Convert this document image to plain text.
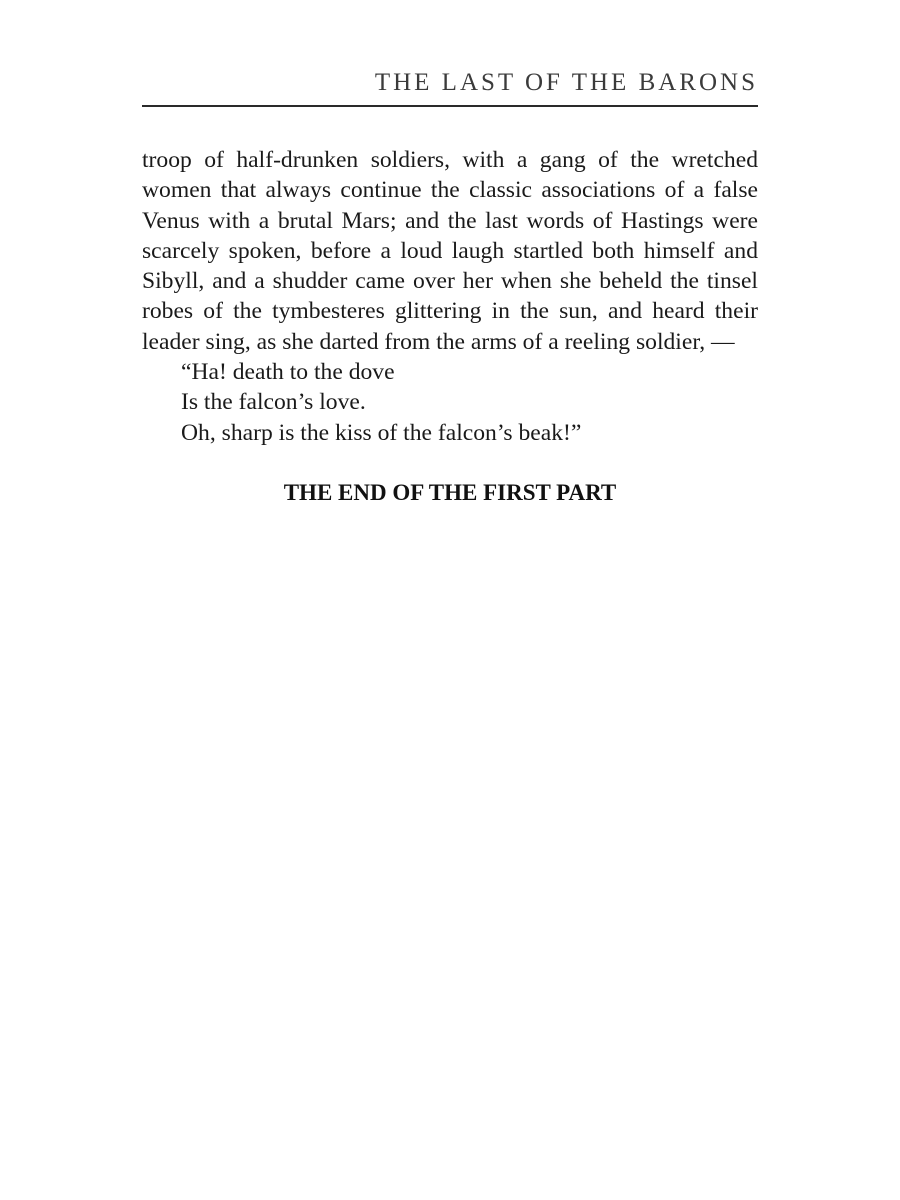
THE LAST OF THE BARONS
troop of half-drunken soldiers, with a gang of the wretched
women that always continue the classic associations of a false
Venus with a brutal Mars; and the last words of Hastings were
scarcely spoken, before a loud laugh startled both himself and
Sibyll, and a shudder came over her when she beheld the tinsel
robes of the tymbesteres glittering in the sun, and heard their
leader sing, as she darted from the arms of a reeling soldier, —
“Ha! death to the dove
Is the falcon’s love.
Oh, sharp is the kiss of the falcon’s beak!”
THE END OF THE FIRST PART
